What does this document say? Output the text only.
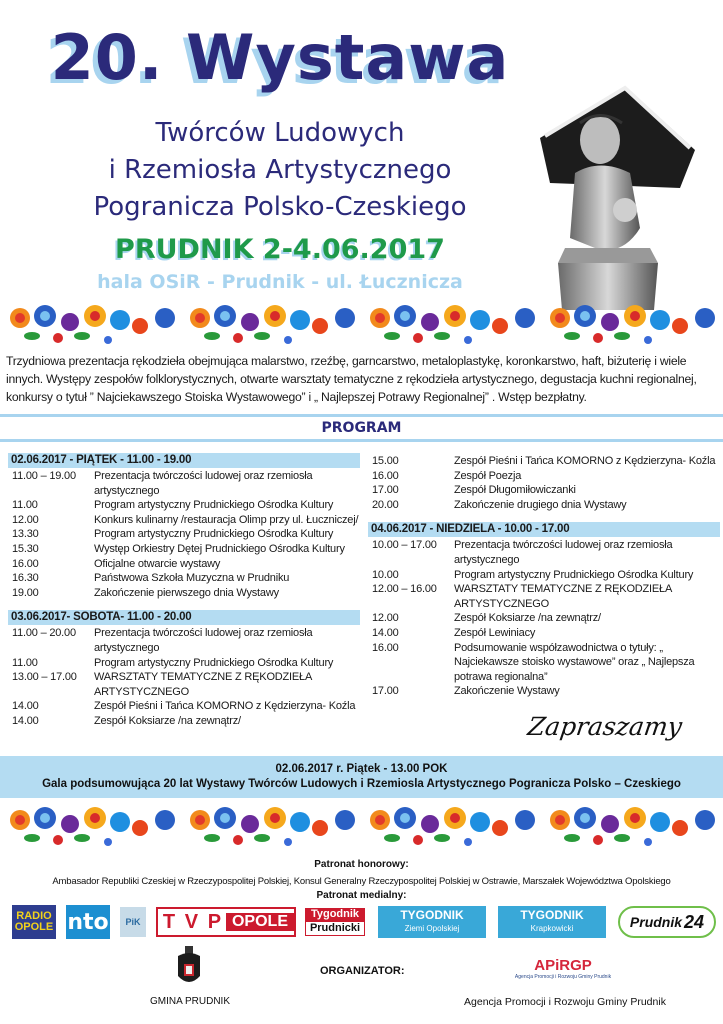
20. Wystawa
Twórców Ludowych
i Rzemiosła Artystycznego
Pogranicza Polsko-Czeskiego
PRUDNIK 2-4.06.2017
hala OSiR - Prudnik - ul. Łucznicza
Trzydniowa prezentacja rękodzieła obejmująca malarstwo, rzeźbę, garncarstwo, metaloplastykę, koronkarstwo, haft, biżuterię i wiele innych. Występy zespołów folklorystycznych, otwarte warsztaty tematyczne z rękodzieła artystycznego, degustacja kuchni regionalnej, konkursy o tytuł ” Najciekawszego Stoiska Wystawowego” i „ Najlepszej Potrawy Regionalnej” . Wstęp bezpłatny.
PROGRAM
02.06.2017 - PIĄTEK - 11.00 - 19.00
11.00 – 19.00	Prezentacja twórczości ludowej oraz rzemiosła artystycznego
11.00	Program artystyczny Prudnickiego Ośrodka Kultury
12.00	Konkurs kulinarny /restauracja Olimp przy ul. Łuczniczej/
13.30	Program artystyczny Prudnickiego Ośrodka Kultury
15.30	Występ Orkiestry Dętej Prudnickiego Ośrodka Kultury
16.00	Oficjalne otwarcie wystawy
16.30	Państwowa Szkoła Muzyczna w Prudniku
19.00	Zakończenie pierwszego dnia Wystawy
03.06.2017- SOBOTA- 11.00 - 20.00
11.00 – 20.00	Prezentacja twórczości ludowej oraz rzemiosła artystycznego
11.00	Program artystyczny Prudnickiego Ośrodka Kultury
13.00 – 17.00	WARSZTATY TEMATYCZNE Z RĘKODZIEŁA ARTYSTYCZNEGO
14.00	Zespół Pieśni i Tańca KOMORNO z Kędzierzyna- Koźla
14.00	Zespół Koksiarze /na zewnątrz/
15.00	Zespół Pieśni i Tańca KOMORNO z Kędzierzyna- Koźla
16.00	Zespół Poezja
17.00	Zespół Długomiłowiczanki
20.00	Zakończenie drugiego dnia Wystawy
04.06.2017 - NIEDZIELA - 10.00 - 17.00
10.00 – 17.00	Prezentacja twórczości ludowej oraz rzemiosła artystycznego
10.00	Program artystyczny Prudnickiego Ośrodka Kultury
12.00 – 16.00	WARSZTATY TEMATYCZNE Z RĘKODZIEŁA ARTYSTYCZNEGO
12.00	Zespół Koksiarze /na zewnątrz/
14.00	Zespół Lewiniacy
16.00	Podsumowanie współzawodnictwa o tytuły: „ Najciekawsze stoisko wystawowe” oraz „ Najlepsza potrawa regionalna”
17.00	Zakończenie Wystawy
Zapraszamy
02.06.2017 r. Piątek - 13.00 POK
Gala podsumowująca 20 lat Wystawy Twórców Ludowych i Rzemiosla Artystycznego Pogranicza Polsko – Czeskiego
Patronat honorowy:
Ambasador Republiki Czeskiej w Rzeczypospolitej Polskiej, Konsul Generalny Rzeczypospolitej Polskiej w Ostrawie, Marszałek Województwa Opolskiego
Patronat medialny:
RADIO
OPOLE nto	PiK T V P OPOLE	Tygodnik
Prudnicki
TYGODNIK
Ziemi Opolskiej
TYGODNIK
Krapkowicki	Prudnik 24
GMINA PRUDNIK
ORGANIZATOR:	APiRGP
Agencja Promocji i Rozwoju Gminy Prudnik
Agencja Promocji i Rozwoju Gminy Prudnik
